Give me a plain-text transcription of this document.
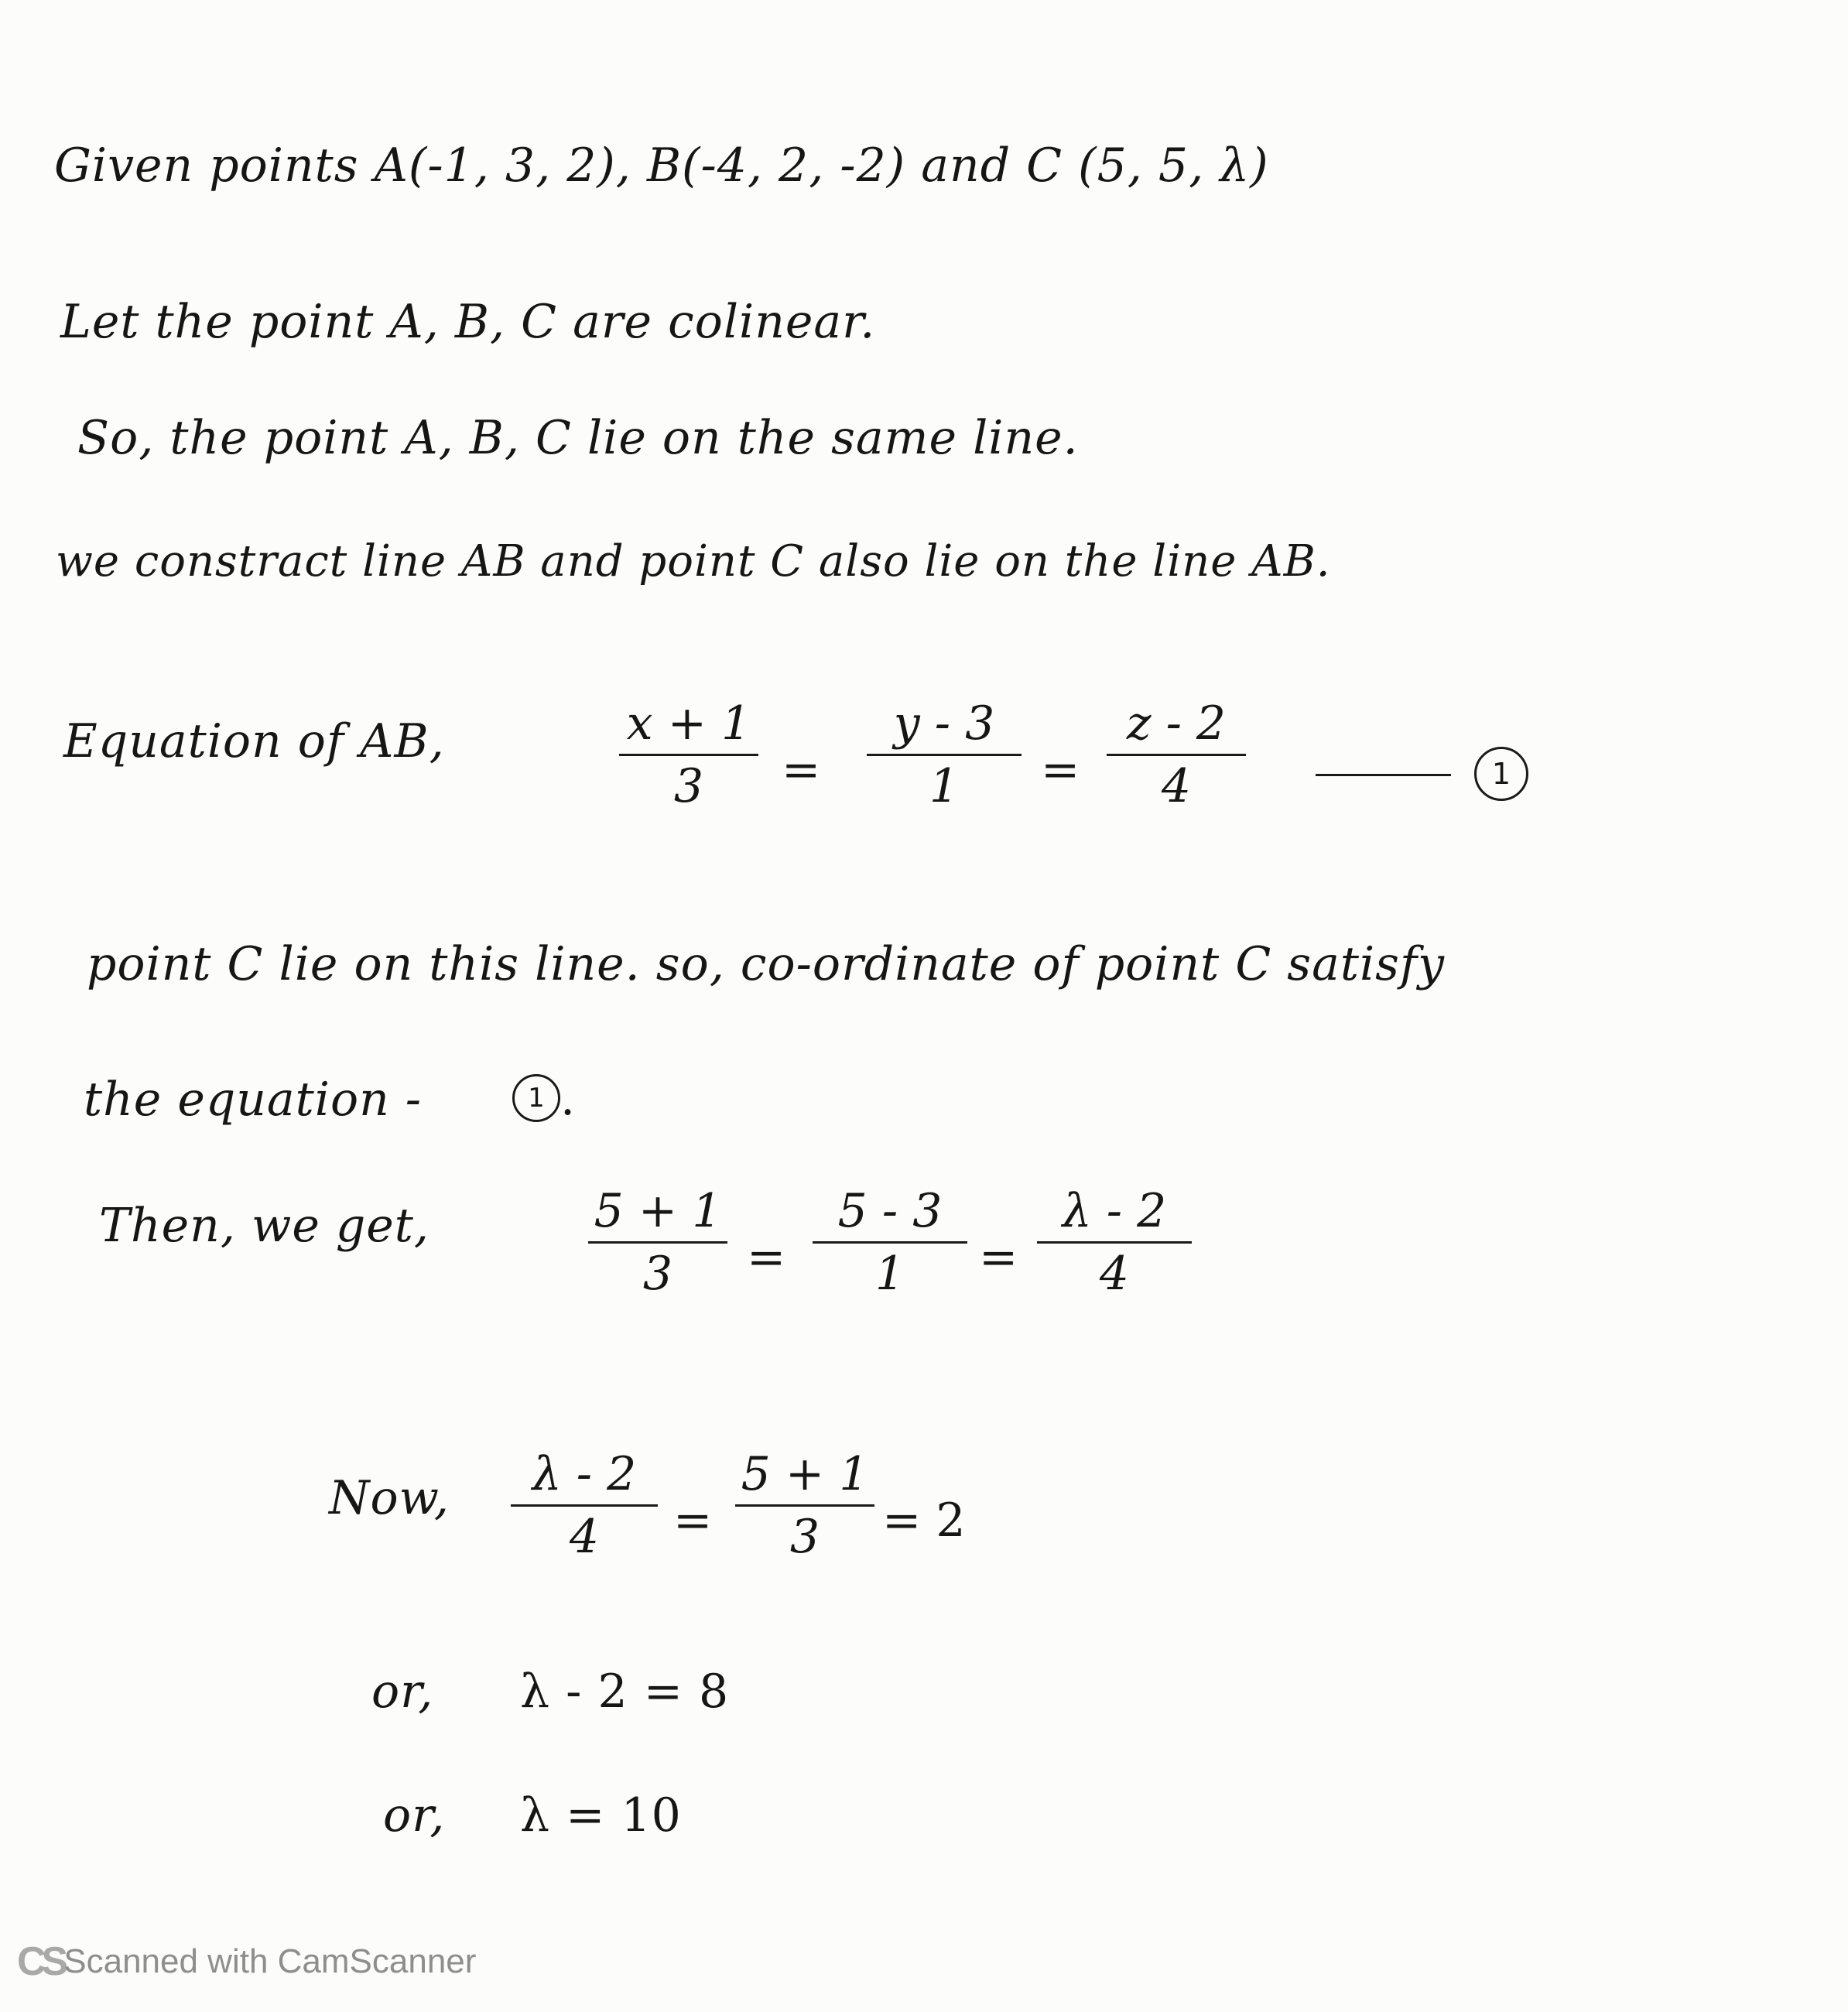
Given points A(-1, 3, 2), B(-4, 2, -2) and C (5, 5, λ)
Let the point A, B, C are colinear.
So, the point A, B, C lie on the same line.
we constract line AB and point C also lie on the line AB.
Equation of AB,	x + 1
3 =
y - 3
1 =
z - 2
4	1
point C lie on this line. so, co-ordinate of point C satisfy
the equation -	1 .
Then, we get,	5 + 1
3 =
5 - 3
1 =
λ - 2
4
Now, λ - 2
4 =
5 + 1
3 = 2
or, λ - 2 = 8
or, λ = 10
CS Scanned with CamScanner
